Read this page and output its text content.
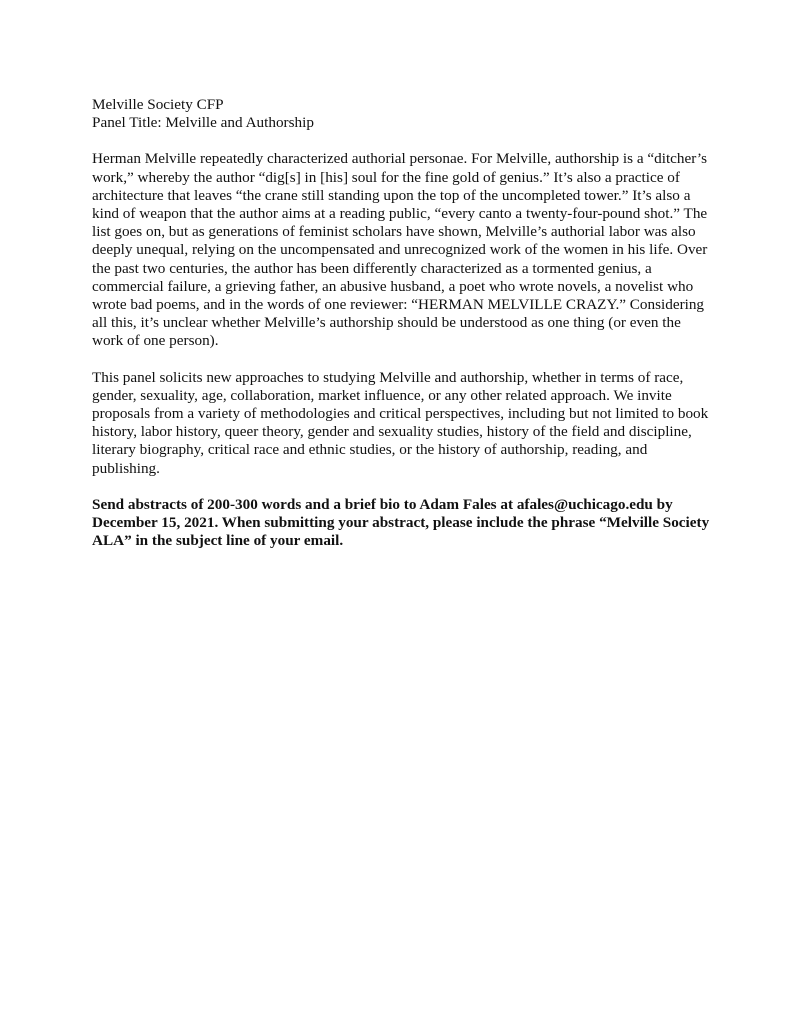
Melville Society CFP

Panel Title: Melville and Authorship

Herman Melville repeatedly characterized authorial personae. For Melville, authorship is a “ditcher’s work,” whereby the author “dig[s] in [his] soul for the fine gold of genius.” It’s also a practice of architecture that leaves “the crane still standing upon the top of the uncompleted tower.” It’s also a kind of weapon that the author aims at a reading public, “every canto a twenty-four-pound shot.” The list goes on, but as generations of feminist scholars have shown, Melville’s authorial labor was also deeply unequal, relying on the uncompensated and unrecognized work of the women in his life. Over the past two centuries, the author has been differently characterized as a tormented genius, a commercial failure, a grieving father, an abusive husband, a poet who wrote novels, a novelist who wrote bad poems, and in the words of one reviewer: “HERMAN MELVILLE CRAZY.” Considering all this, it’s unclear whether Melville’s authorship should be understood as one thing (or even the work of one person).

This panel solicits new approaches to studying Melville and authorship, whether in terms of race, gender, sexuality, age, collaboration, market influence, or any other related approach. We invite proposals from a variety of methodologies and critical perspectives, including but not limited to book history, labor history, queer theory, gender and sexuality studies, history of the field and discipline, literary biography, critical race and ethnic studies, or the history of authorship, reading, and publishing.

Send abstracts of 200-300 words and a brief bio to Adam Fales at afales@uchicago.edu by December 15, 2021. When submitting your abstract, please include the phrase “Melville Society ALA” in the subject line of your email.
